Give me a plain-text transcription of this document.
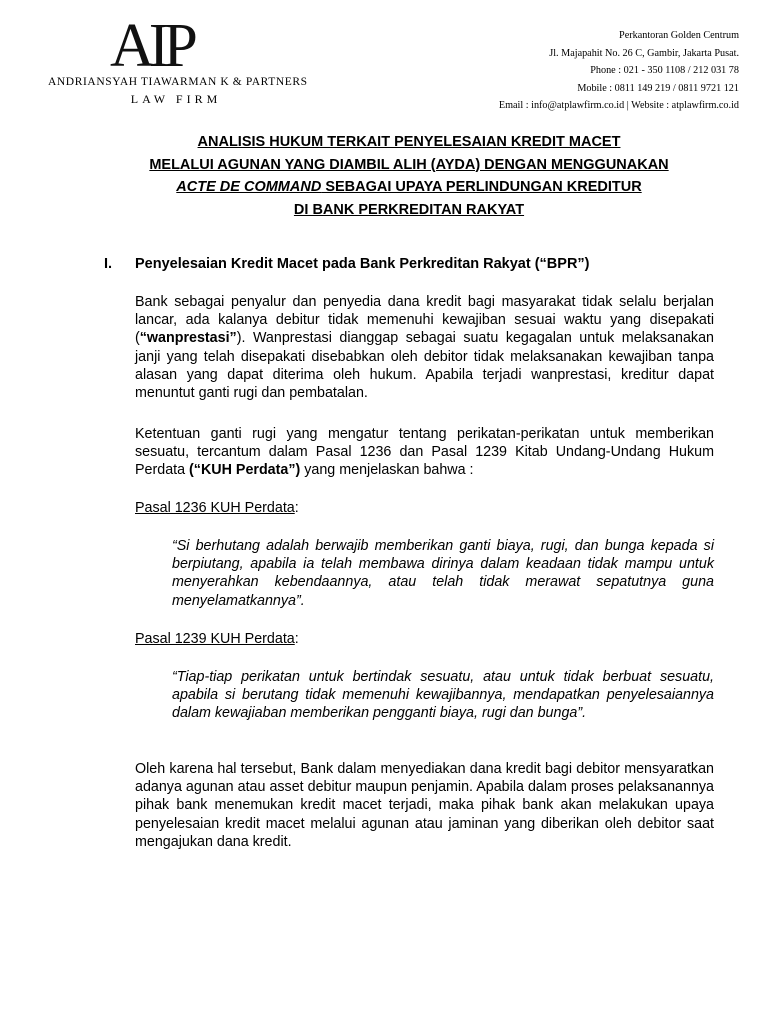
AIP
ANDRIANSYAH TIAWARMAN K & PARTNERS
LAW FIRM
Perkantoran Golden Centrum
Jl. Majapahit No. 26 C, Gambir, Jakarta Pusat.
Phone : 021 - 350 1108 / 212 031 78
Mobile : 0811 149 219 / 0811 9721 121
Email : info@atplawfirm.co.id | Website : atplawfirm.co.id
ANALISIS HUKUM TERKAIT PENYELESAIAN KREDIT MACET
MELALUI AGUNAN YANG DIAMBIL ALIH (AYDA) DENGAN MENGGUNAKAN
ACTE DE COMMAND SEBAGAI UPAYA PERLINDUNGAN KREDITUR
DI BANK PERKREDITAN RAKYAT
I. Penyelesaian Kredit Macet pada Bank Perkreditan Rakyat (“BPR”)
Bank sebagai penyalur dan penyedia dana kredit bagi masyarakat tidak selalu berjalan lancar, ada kalanya debitur tidak memenuhi kewajiban sesuai waktu yang disepakati (“wanprestasi”). Wanprestasi dianggap sebagai suatu kegagalan untuk melaksanakan janji yang telah disepakati disebabkan oleh debitor tidak melaksanakan kewajiban tanpa alasan yang dapat diterima oleh hukum. Apabila terjadi wanprestasi, kreditur dapat menuntut ganti rugi dan pembatalan.
Ketentuan ganti rugi yang mengatur tentang perikatan-perikatan untuk memberikan sesuatu, tercantum dalam Pasal 1236 dan Pasal 1239 Kitab Undang-Undang Hukum Perdata (“KUH Perdata”) yang menjelaskan bahwa :
Pasal 1236 KUH Perdata:
“Si berhutang adalah berwajib memberikan ganti biaya, rugi, dan bunga kepada si berpiutang, apabila ia telah membawa dirinya dalam keadaan tidak mampu untuk menyerahkan kebendaannya, atau telah tidak merawat sepatutnya guna menyelamatkannya”.
Pasal 1239 KUH Perdata:
“Tiap-tiap perikatan untuk bertindak sesuatu, atau untuk tidak berbuat sesuatu, apabila si berutang tidak memenuhi kewajibannya, mendapatkan penyelesaiannya dalam kewajiaban memberikan pengganti biaya, rugi dan bunga”.
Oleh karena hal tersebut, Bank dalam menyediakan dana kredit bagi debitor mensyaratkan adanya agunan atau asset debitur maupun penjamin. Apabila dalam proses pelaksanannya pihak bank menemukan kredit macet terjadi, maka pihak bank akan melakukan upaya penyelesaian kredit macet melalui agunan atau jaminan yang diberikan oleh debitor saat mengajukan dana kredit.
